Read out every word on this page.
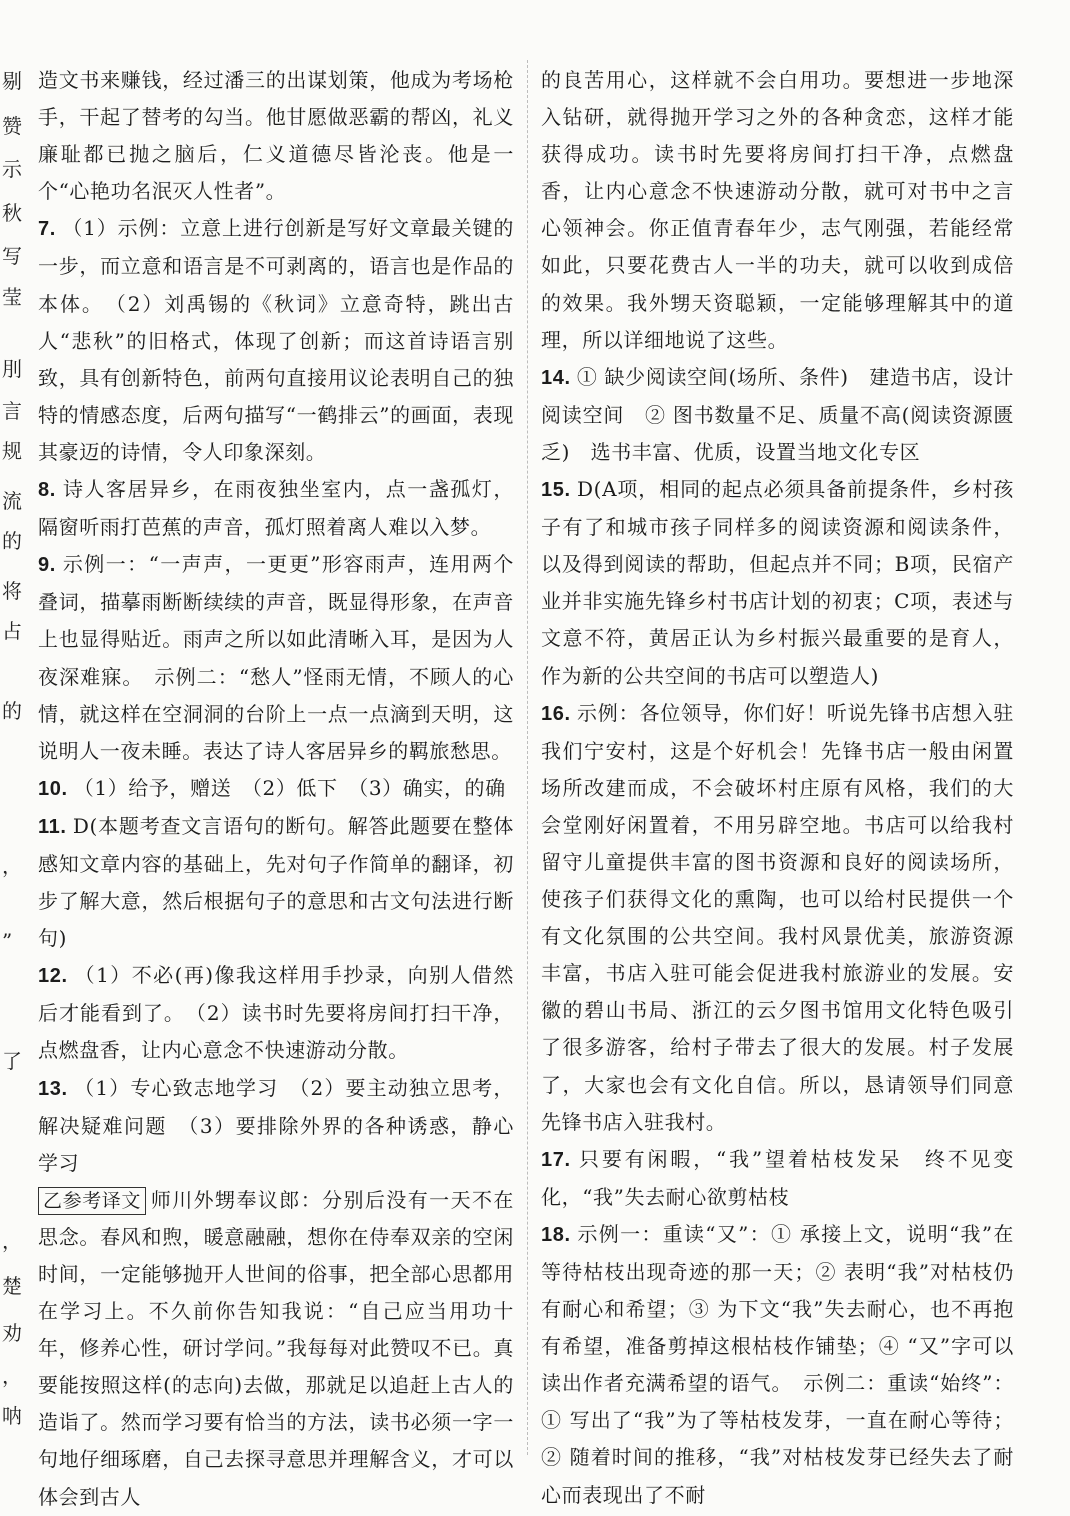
剔
赞
示
秋
写
莹
刖
言
规
流
的
将
占
的
，
”
了
，
楚
劝
，
呐

造文书来赚钱，经过潘三的出谋划策，他成为考场枪手，干起了替考的勾当。他甘愿做恶霸的帮凶，礼义廉耻都已抛之脑后，仁义道德尽皆沦丧。他是一个“心艳功名泯灭人性者”。

7. （1）示例：立意上进行创新是写好文章最关键的一步，而立意和语言是不可剥离的，语言也是作品的本体。　（2）刘禹锡的《秋词》立意奇特，跳出古人“悲秋”的旧格式，体现了创新；而这首诗语言别致，具有创新特色，前两句直接用议论表明自己的独特的情感态度，后两句描写“一鹤排云”的画面，表现其豪迈的诗情，令人印象深刻。

8. 诗人客居异乡，在雨夜独坐室内，点一盏孤灯，隔窗听雨打芭蕉的声音，孤灯照着离人难以入梦。

9. 示例一：“一声声，一更更”形容雨声，连用两个叠词，描摹雨断断续续的声音，既显得形象，在声音上也显得贴近。雨声之所以如此清晰入耳，是因为人夜深难寐。　示例二：“愁人”怪雨无情，不顾人的心情，就这样在空洞洞的台阶上一点一点滴到天明，这说明人一夜未睡。表达了诗人客居异乡的羁旅愁思。

10. （1）给予，赠送　（2）低下　（3）确实，的确

11. D(本题考查文言语句的断句。解答此题要在整体感知文章内容的基础上，先对句子作简单的翻译，初步了解大意，然后根据句子的意思和古文句法进行断句)

12. （1）不必(再)像我这样用手抄录，向别人借然后才能看到了。　（2）读书时先要将房间打扫干净，点燃盘香，让内心意念不快速游动分散。

13. （1）专心致志地学习　（2）要主动独立思考，解决疑难问题　（3）要排除外界的各种诱惑，静心学习

乙参考译文 师川外甥奉议郎：分别后没有一天不在思念。春风和煦，暖意融融，想你在侍奉双亲的空闲时间，一定能够抛开人世间的俗事，把全部心思都用在学习上。不久前你告知我说：“自己应当用功十年，修养心性，研讨学问。”我每每对此赞叹不已。真要能按照这样(的志向)去做，那就足以追赶上古人的造诣了。然而学习要有恰当的方法，读书必须一字一句地仔细琢磨，自己去探寻意思并理解含义，才可以体会到古人

的良苦用心，这样就不会白用功。要想进一步地深入钻研，就得抛开学习之外的各种贪恋，这样才能获得成功。读书时先要将房间打扫干净，点燃盘香，让内心意念不快速游动分散，就可对书中之言心领神会。你正值青春年少，志气刚强，若能经常如此，只要花费古人一半的功夫，就可以收到成倍的效果。我外甥天资聪颖，一定能够理解其中的道理，所以详细地说了这些。

14. ① 缺少阅读空间(场所、条件)　建造书店，设计阅读空间　② 图书数量不足、质量不高(阅读资源匮乏)　选书丰富、优质，设置当地文化专区

15. D(A项，相同的起点必须具备前提条件，乡村孩子有了和城市孩子同样多的阅读资源和阅读条件，以及得到阅读的帮助，但起点并不同；B项，民宿产业并非实施先锋乡村书店计划的初衷；C项，表述与文意不符，黄居正认为乡村振兴最重要的是育人，作为新的公共空间的书店可以塑造人)

16. 示例：各位领导，你们好！听说先锋书店想入驻我们宁安村，这是个好机会！先锋书店一般由闲置场所改建而成，不会破坏村庄原有风格，我们的大会堂刚好闲置着，不用另辟空地。书店可以给我村留守儿童提供丰富的图书资源和良好的阅读场所，使孩子们获得文化的熏陶，也可以给村民提供一个有文化氛围的公共空间。我村风景优美，旅游资源丰富，书店入驻可能会促进我村旅游业的发展。安徽的碧山书局、浙江的云夕图书馆用文化特色吸引了很多游客，给村子带去了很大的发展。村子发展了，大家也会有文化自信。所以，恳请领导们同意先锋书店入驻我村。

17. 只要有闲暇，“我”望着枯枝发呆　终不见变化，“我”失去耐心欲剪枯枝

18. 示例一：重读“又”：① 承接上文，说明“我”在等待枯枝出现奇迹的那一天；② 表明“我”对枯枝仍有耐心和希望；③ 为下文“我”失去耐心，也不再抱有希望，准备剪掉这根枯枝作铺垫；④ “又”字可以读出作者充满希望的语气。　示例二：重读“始终”：① 写出了“我”为了等枯枝发芽，一直在耐心等待；② 随着时间的推移，“我”对枯枝发芽已经失去了耐心而表现出了不耐
